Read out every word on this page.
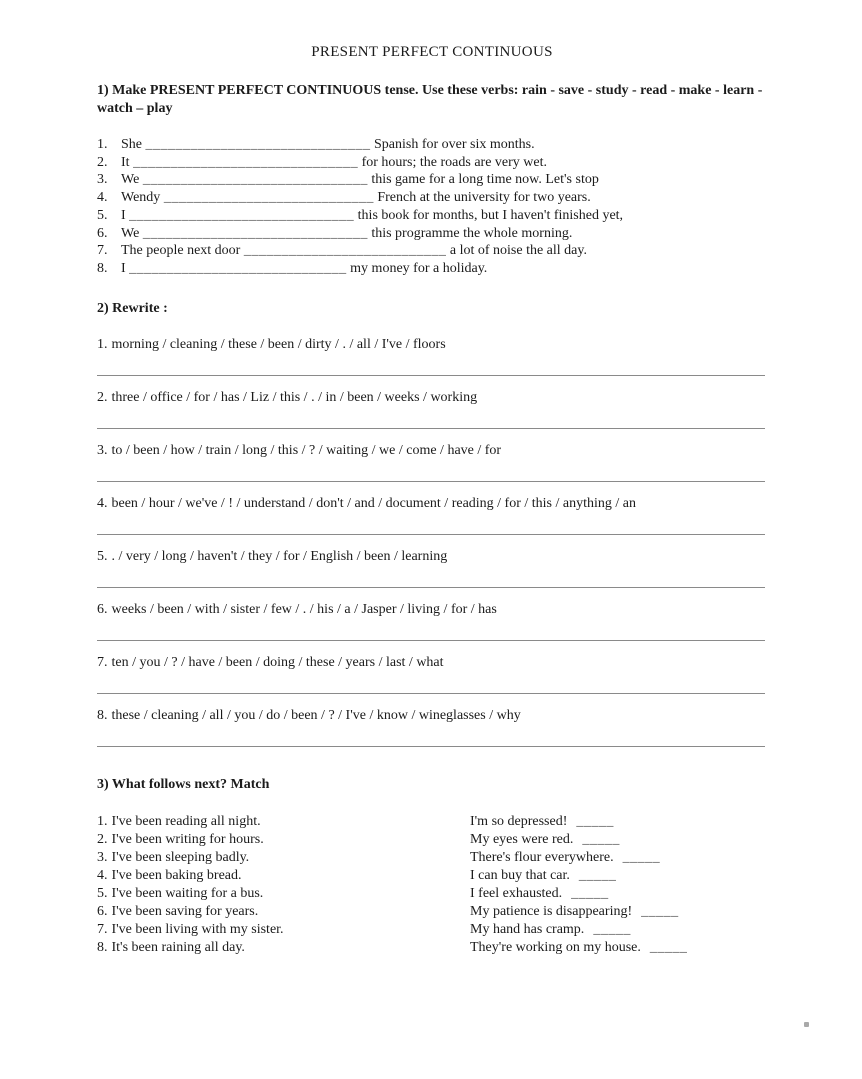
PRESENT PERFECT CONTINUOUS
1) Make PRESENT PERFECT CONTINUOUS tense. Use these verbs: rain - save - study - read - make - learn - watch – play
1. She ______________________________ Spanish for over six months.
2. It ______________________________ for hours; the roads are very wet.
3. We ______________________________ this game for a long time now. Let's stop
4. Wendy ____________________________ French at the university for two years.
5. I ______________________________ this book for months, but I haven't finished yet,
6. We ______________________________ this programme the whole morning.
7. The people next door ___________________________ a lot of noise the all day.
8. I _____________________________ my money for a holiday.
2) Rewrite :
1. morning / cleaning / these / been / dirty / . / all / I've / floors
2. three / office / for / has / Liz / this / . / in / been / weeks / working
3. to / been / how / train / long / this / ? / waiting / we / come / have / for
4. been / hour / we've / ! / understand / don't / and / document / reading / for / this / anything / an
5. . / very / long / haven't / they / for / English / been / learning
6. weeks / been / with / sister / few / . / his / a / Jasper / living / for / has
7. ten / you / ? / have / been / doing / these / years / last / what
8. these / cleaning / all / you / do / been / ? / I've / know / wineglasses / why
3) What follows next? Match
1. I've been reading all night.	I'm so depressed! _____
2. I've been writing for hours.	My eyes were red. _____
3. I've been sleeping badly.	There's flour everywhere. _____
4. I've been baking bread.	I can buy that car. _____
5. I've been waiting for a bus.	I feel exhausted. _____
6. I've been saving for years.	My patience is disappearing! _____
7. I've been living with my sister.	My hand has cramp. _____
8. It's been raining all day.	They're working on my house. _____
